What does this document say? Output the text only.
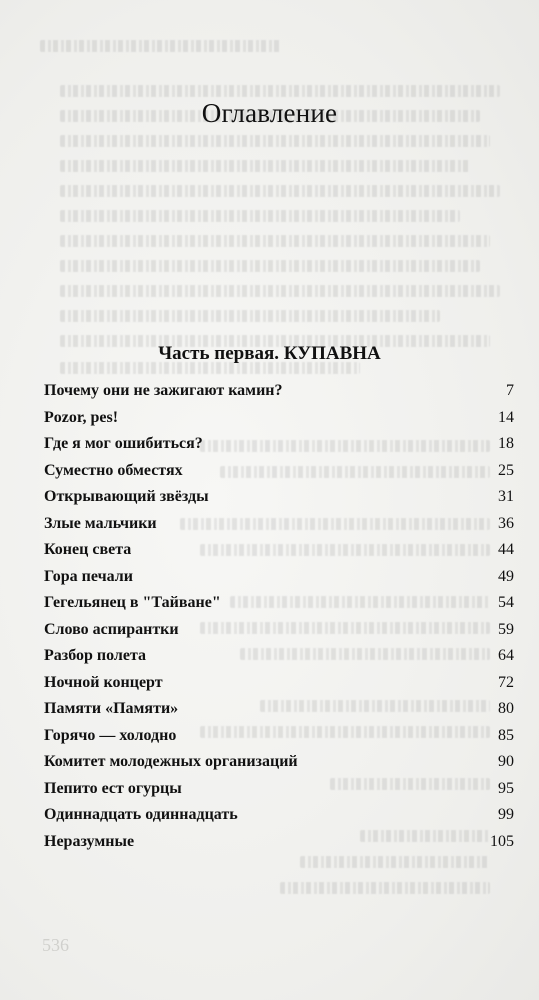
536
Оглавление
Часть первая. КУПАВНА
Почему они не зажигают камин?	7
Pozor, pes!	14
Где я мог ошибиться?	18
Суместно обместях	25
Открывающий звёзды	31
Злые мальчики	36
Конец света	44
Гора печали	49
Гегельянец в "Тайване"	54
Слово аспирантки	59
Разбор полета	64
Ночной концерт	72
Памяти «Памяти»	80
Горячо — холодно	85
Комитет молодежных организаций	90
Пепито ест огурцы	95
Одиннадцать одиннадцать	99
Неразумные	105
